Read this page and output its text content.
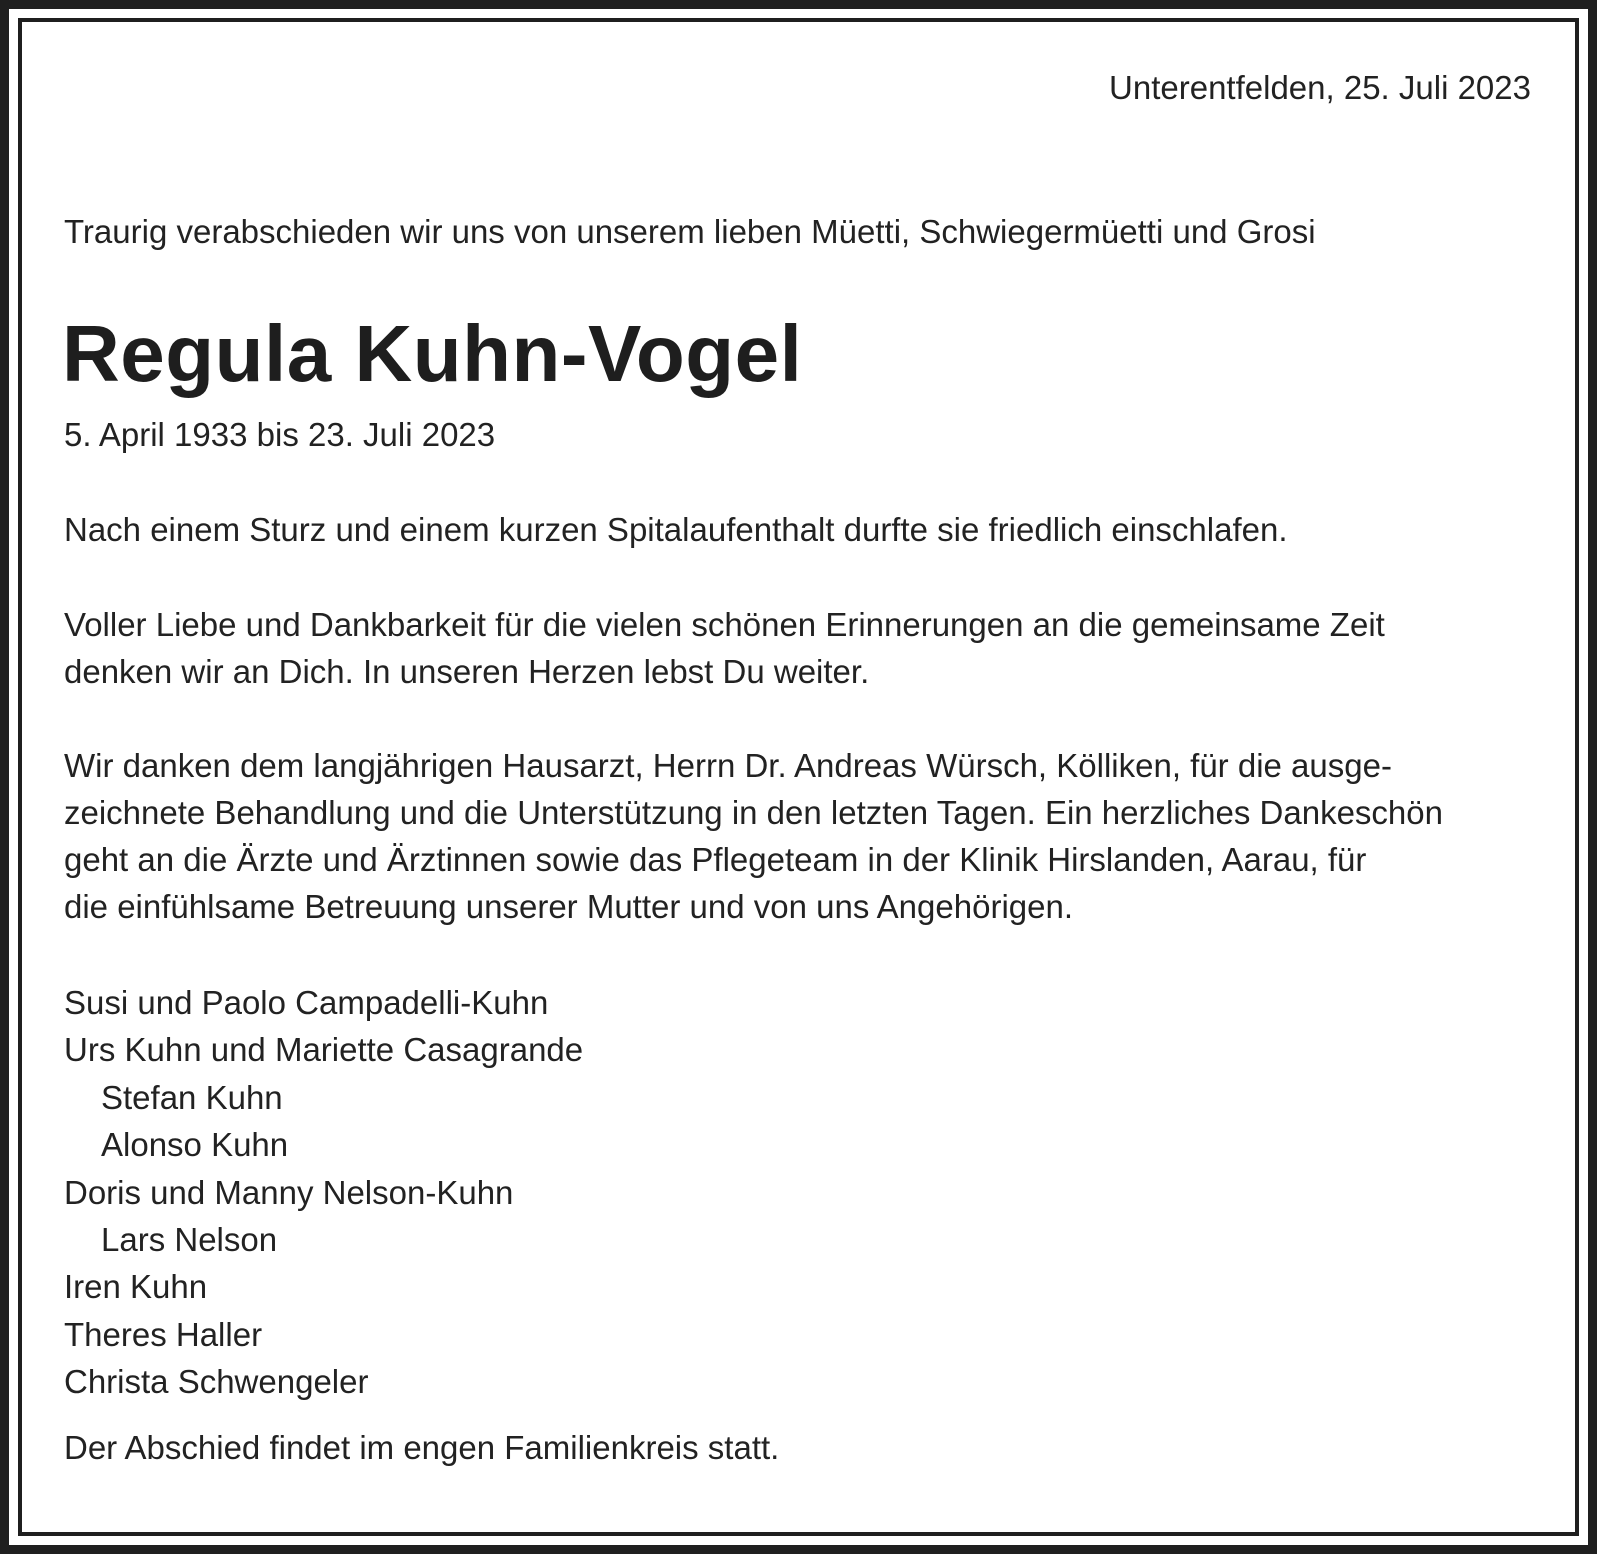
Unterentfelden, 25. Juli 2023

Traurig verabschieden wir uns von unserem lieben Müetti, Schwiegermüetti und Grosi

Regula Kuhn-Vogel

5. April 1933 bis 23. Juli 2023

Nach einem Sturz und einem kurzen Spitalaufenthalt durfte sie friedlich einschlafen.
Voller Liebe und Dankbarkeit für die vielen schönen Erinnerungen an die gemeinsame Zeit
denken wir an Dich. In unseren Herzen lebst Du weiter.
Wir danken dem langjährigen Hausarzt, Herrn Dr. Andreas Würsch, Kölliken, für die ausge-
zeichnete Behandlung und die Unterstützung in den letzten Tagen. Ein herzliches Dankeschön
geht an die Ärzte und Ärztinnen sowie das Pflegeteam in der Klinik Hirslanden, Aarau, für
die einfühlsame Betreuung unserer Mutter und von uns Angehörigen.
Susi und Paolo Campadelli-Kuhn
Urs Kuhn und Mariette Casagrande
Stefan Kuhn
Alonso Kuhn
Doris und Manny Nelson-Kuhn
Lars Nelson
Iren Kuhn
Theres Haller
Christa Schwengeler

Der Abschied findet im engen Familienkreis statt.
